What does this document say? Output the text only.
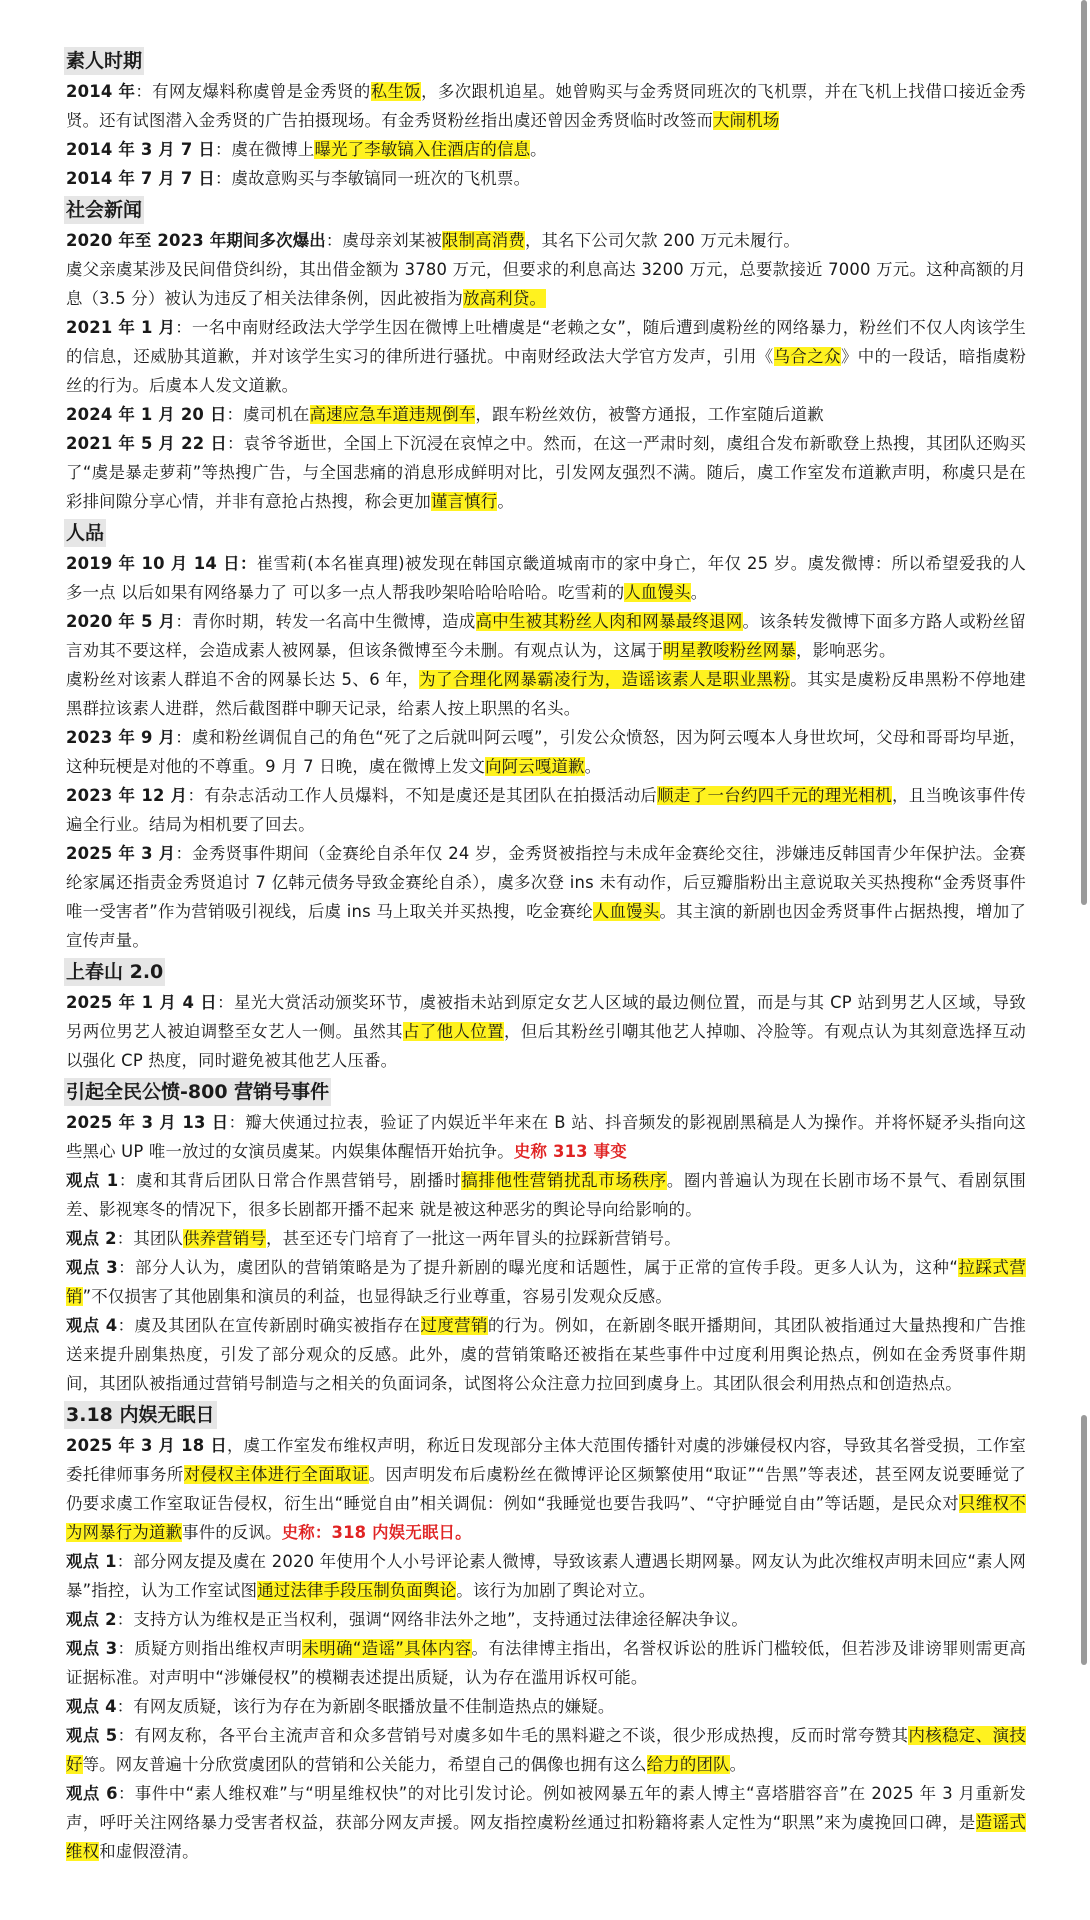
素人时期

2014 年：有网友爆料称虞曾是金秀贤的私生饭，多次跟机追星。她曾购买与金秀贤同班次的飞机票，并在飞机上找借口接近金秀贤。还有试图潜入金秀贤的广告拍摄现场。有金秀贤粉丝指出虞还曾因金秀贤临时改签而大闹机场

2014 年 3 月 7 日：虞在微博上曝光了李敏镐入住酒店的信息。

2014 年 7 月 7 日：虞故意购买与李敏镐同一班次的飞机票。

社会新闻

2020 年至 2023 年期间多次爆出：虞母亲刘某被限制高消费，其名下公司欠款 200 万元未履行。

虞父亲虞某涉及民间借贷纠纷，其出借金额为 3780 万元，但要求的利息高达 3200 万元，总要款接近 7000 万元。这种高额的月息（3.5 分）被认为违反了相关法律条例，因此被指为放高利贷。

2021 年 1 月：一名中南财经政法大学学生因在微博上吐槽虞是“老赖之女”，随后遭到虞粉丝的网络暴力，粉丝们不仅人肉该学生的信息，还威胁其道歉，并对该学生实习的律所进行骚扰。中南财经政法大学官方发声，引用《乌合之众》中的一段话，暗指虞粉丝的行为。后虞本人发文道歉。

2024 年 1 月 20 日：虞司机在高速应急车道违规倒车，跟车粉丝效仿，被警方通报，工作室随后道歉

2021 年 5 月 22 日：袁爷爷逝世，全国上下沉浸在哀悼之中。然而，在这一严肃时刻，虞组合发布新歌登上热搜，其团队还购买了“虞是暴走萝莉”等热搜广告，与全国悲痛的消息形成鲜明对比，引发网友强烈不满。随后，虞工作室发布道歉声明，称虞只是在彩排间隙分享心情，并非有意抢占热搜，称会更加谨言慎行。

人品

2019 年 10 月 14 日：崔雪莉(本名崔真理)被发现在韩国京畿道城南市的家中身亡，年仅 25 岁。虞发微博：所以希望爱我的人多一点 以后如果有网络暴力了 可以多一点人帮我吵架哈哈哈哈哈。吃雪莉的人血馒头。

2020 年 5 月：青你时期，转发一名高中生微博，造成高中生被其粉丝人肉和网暴最终退网。该条转发微博下面多方路人或粉丝留言劝其不要这样，会造成素人被网暴，但该条微博至今未删。有观点认为，这属于明星教唆粉丝网暴，影响恶劣。

虞粉丝对该素人群追不舍的网暴长达 5、6 年，为了合理化网暴霸凌行为，造谣该素人是职业黑粉。其实是虞粉反串黑粉不停地建黑群拉该素人进群，然后截图群中聊天记录，给素人按上职黑的名头。

2023 年 9 月：虞和粉丝调侃自己的角色“死了之后就叫阿云嘎”，引发公众愤怒，因为阿云嘎本人身世坎坷，父母和哥哥均早逝，这种玩梗是对他的不尊重。9 月 7 日晚，虞在微博上发文向阿云嘎道歉。

2023 年 12 月：有杂志活动工作人员爆料，不知是虞还是其团队在拍摄活动后顺走了一台约四千元的理光相机，且当晚该事件传遍全行业。结局为相机要了回去。

2025 年 3 月：金秀贤事件期间（金赛纶自杀年仅 24 岁，金秀贤被指控与未成年金赛纶交往，涉嫌违反韩国青少年保护法。金赛纶家属还指责金秀贤追讨 7 亿韩元债务导致金赛纶自杀），虞多次登 ins 未有动作，后豆瓣脂粉出主意说取关买热搜称“金秀贤事件唯一受害者”作为营销吸引视线，后虞 ins 马上取关并买热搜，吃金赛纶人血馒头。其主演的新剧也因金秀贤事件占据热搜，增加了宣传声量。

上春山 2.0

2025 年 1 月 4 日：星光大赏活动颁奖环节，虞被指未站到原定女艺人区域的最边侧位置，而是与其 CP 站到男艺人区域，导致另两位男艺人被迫调整至女艺人一侧。虽然其占了他人位置，但后其粉丝引嘲其他艺人掉咖、冷脸等。有观点认为其刻意选择互动以强化 CP 热度，同时避免被其他艺人压番。

引起全民公愤-800 营销号事件

2025 年 3 月 13 日：瓣大侠通过拉表，验证了内娱近半年来在 B 站、抖音频发的影视剧黑稿是人为操作。并将怀疑矛头指向这些黑心 UP 唯一放过的女演员虞某。内娱集体醒悟开始抗争。史称 313 事变

观点 1：虞和其背后团队日常合作黑营销号，剧播时搞排他性营销扰乱市场秩序。圈内普遍认为现在长剧市场不景气、看剧氛围差、影视寒冬的情况下，很多长剧都开播不起来 就是被这种恶劣的舆论导向给影响的。

观点 2：其团队供养营销号，甚至还专门培育了一批这一两年冒头的拉踩新营销号。

观点 3：部分人认为，虞团队的营销策略是为了提升新剧的曝光度和话题性，属于正常的宣传手段。更多人认为，这种“拉踩式营销”不仅损害了其他剧集和演员的利益，也显得缺乏行业尊重，容易引发观众反感。

观点 4：虞及其团队在宣传新剧时确实被指存在过度营销的行为。例如，在新剧冬眠开播期间，其团队被指通过大量热搜和广告推送来提升剧集热度，引发了部分观众的反感。此外，虞的营销策略还被指在某些事件中过度利用舆论热点，例如在金秀贤事件期间，其团队被指通过营销号制造与之相关的负面词条，试图将公众注意力拉回到虞身上。其团队很会利用热点和创造热点。

3.18 内娱无眠日

2025 年 3 月 18 日，虞工作室发布维权声明，称近日发现部分主体大范围传播针对虞的涉嫌侵权内容，导致其名誉受损，工作室委托律师事务所对侵权主体进行全面取证。因声明发布后虞粉丝在微博评论区频繁使用“取证”“告黑”等表述，甚至网友说要睡觉了仍要求虞工作室取证告侵权，衍生出“睡觉自由”相关调侃：例如“我睡觉也要告我吗”、“守护睡觉自由”等话题，是民众对只维权不为网暴行为道歉事件的反讽。史称：318 内娱无眠日。

观点 1：部分网友提及虞在 2020 年使用个人小号评论素人微博，导致该素人遭遇长期网暴。网友认为此次维权声明未回应“素人网暴”指控，认为工作室试图通过法律手段压制负面舆论。该行为加剧了舆论对立。

观点 2：支持方认为维权是正当权利，强调“网络非法外之地”，支持通过法律途径解决争议。

观点 3：质疑方则指出维权声明未明确“造谣”具体内容。有法律博主指出，名誉权诉讼的胜诉门槛较低，但若涉及诽谤罪则需更高证据标准。对声明中“涉嫌侵权”的模糊表述提出质疑，认为存在滥用诉权可能。

观点 4：有网友质疑，该行为存在为新剧冬眠播放量不佳制造热点的嫌疑。

观点 5：有网友称，各平台主流声音和众多营销号对虞多如牛毛的黑料避之不谈，很少形成热搜，反而时常夸赞其内核稳定、演技好等。网友普遍十分欣赏虞团队的营销和公关能力，希望自己的偶像也拥有这么给力的团队。

观点 6：事件中“素人维权难”与“明星维权快”的对比引发讨论。例如被网暴五年的素人博主“喜塔腊容音”在 2025 年 3 月重新发声，呼吁关注网络暴力受害者权益，获部分网友声援。网友指控虞粉丝通过扣粉籍将素人定性为“职黑”来为虞挽回口碑，是造谣式维权和虚假澄清。
